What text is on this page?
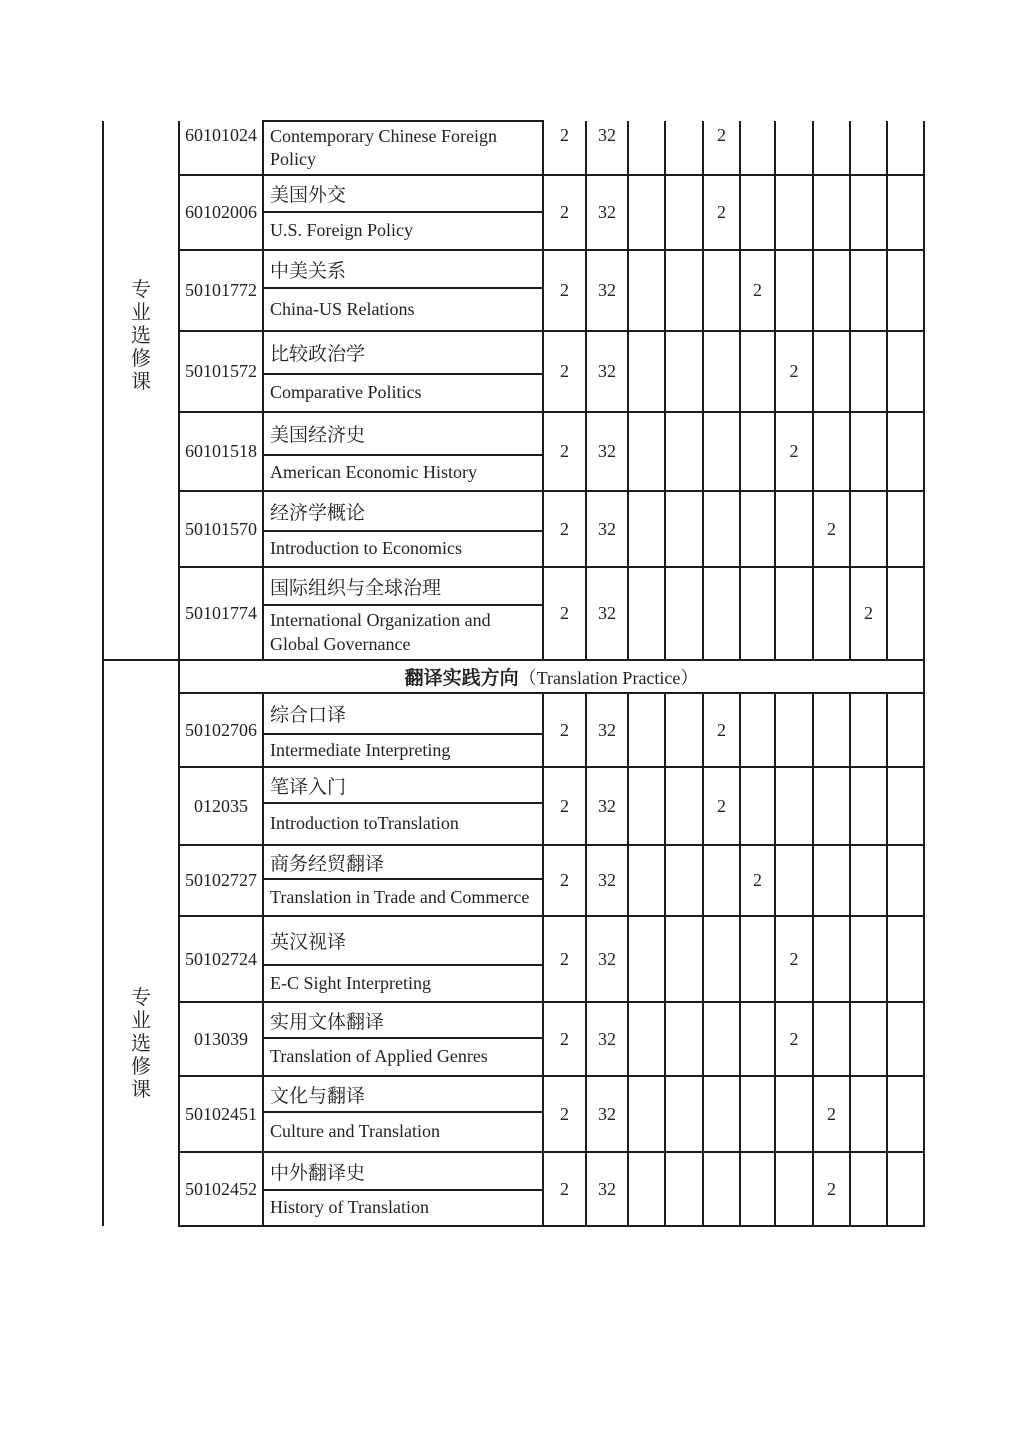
专
业
选
修
课	60101024	Contemporary Chinese Foreign Policy	2	32			2					
	60102006	美国外交	2	32			2					
		U.S. Foreign Policy										
	50101772	中美关系	2	32				2				
		China-US Relations										
	50101572	比较政治学	2	32					2			
		Comparative Politics										
	60101518	美国经济史	2	32					2			
		American Economic History										
	50101570	经济学概论	2	32						2		
		Introduction to Economics										
	50101774	国际组织与全球治理	2	32							2	
		International Organization and Global Governance										

专
业
选
修
课	翻译实践方向（Translation Practice）											
	50102706	综合口译	2	32			2					
		Intermediate Interpreting										
	012035	笔译入门	2	32			2					
		Introduction toTranslation										
	50102727	商务经贸翻译	2	32				2				
		Translation in Trade and Commerce										
	50102724	英汉视译	2	32					2			
		E-C Sight Interpreting										
	013039	实用文体翻译	2	32					2			
		Translation of Applied Genres										
	50102451	文化与翻译	2	32						2		
		Culture and Translation										
	50102452	中外翻译史	2	32						2		
		History of Translation										
